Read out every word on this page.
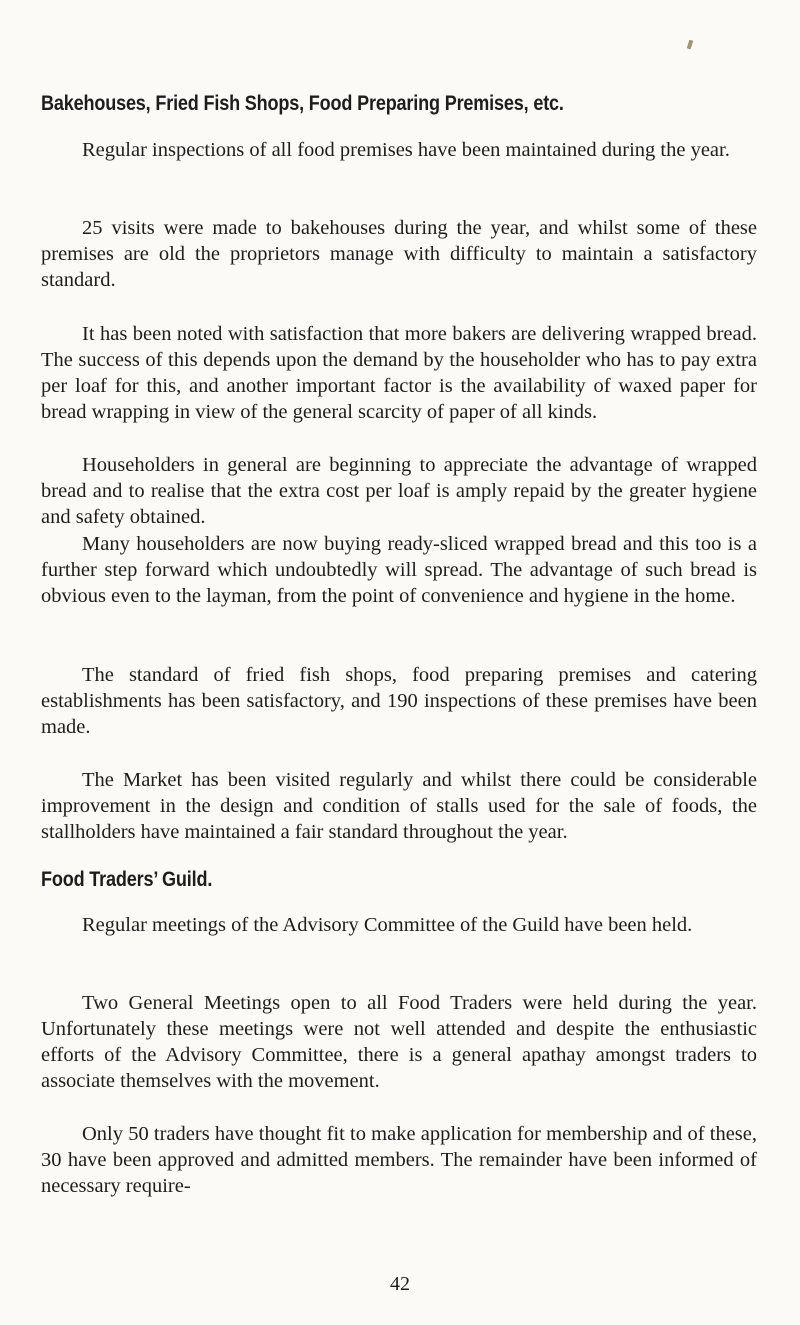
Bakehouses, Fried Fish Shops, Food Preparing Premises, etc.

Regular inspections of all food premises have been maintained during the year.

25 visits were made to bakehouses during the year, and whilst some of these premises are old the proprietors manage with difficulty to maintain a satisfactory standard.

It has been noted with satisfaction that more bakers are delivering wrapped bread. The success of this depends upon the demand by the householder who has to pay extra per loaf for this, and another important factor is the availability of waxed paper for bread wrapping in view of the general scarcity of paper of all kinds.

Householders in general are beginning to appreciate the advantage of wrapped bread and to realise that the extra cost per loaf is amply repaid by the greater hygiene and safety obtained.

Many householders are now buying ready-sliced wrapped bread and this too is a further step forward which undoubtedly will spread. The advantage of such bread is obvious even to the layman, from the point of convenience and hygiene in the home.

The standard of fried fish shops, food preparing premises and catering establishments has been satisfactory, and 190 inspections of these premises have been made.

The Market has been visited regularly and whilst there could be considerable improvement in the design and condition of stalls used for the sale of foods, the stallholders have maintained a fair standard throughout the year.

Food Traders’ Guild.

Regular meetings of the Advisory Committee of the Guild have been held.

Two General Meetings open to all Food Traders were held during the year. Unfortunately these meetings were not well attended and despite the enthusiastic efforts of the Advisory Committee, there is a general apathay amongst traders to associate themselves with the movement.

Only 50 traders have thought fit to make application for membership and of these, 30 have been approved and admitted members. The remainder have been informed of necessary require-

42
